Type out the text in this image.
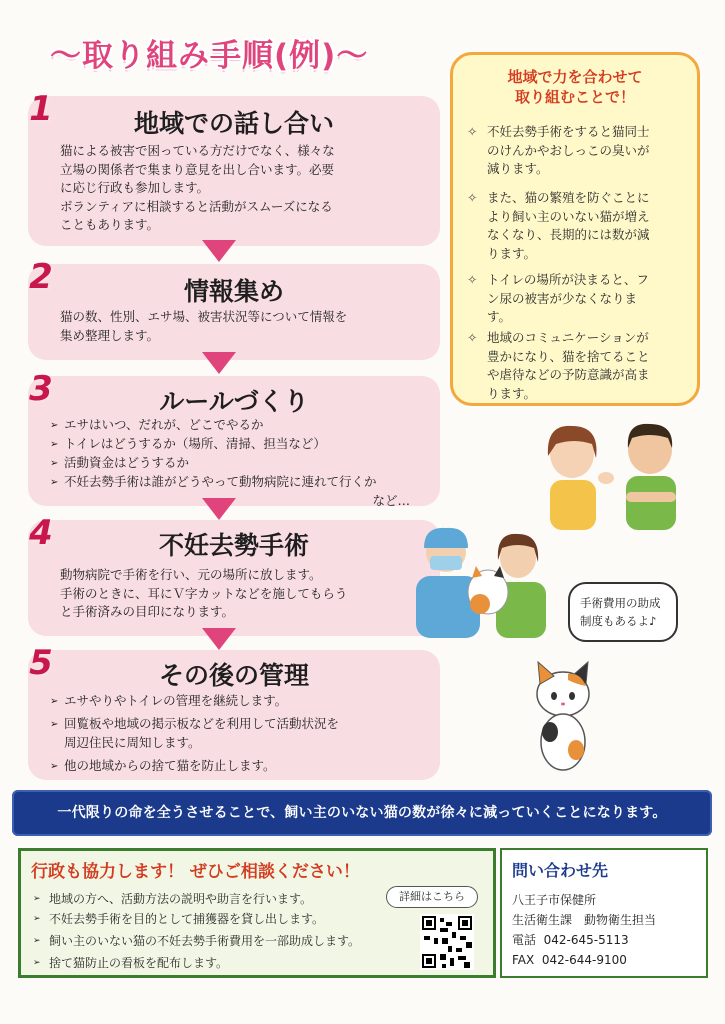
～取り組み手順(例)～
1	地域での話し合い
猫による被害で困っている方だけでなく、様々な
立場の関係者で集まり意見を出し合います。必要
に応じ行政も参加します。
ボランティアに相談すると活動がスムーズになる
こともあります。
2	情報集め
猫の数、性別、エサ場、被害状況等について情報を
集め整理します。
3	ルールづくり
➢ エサはいつ、だれが、どこでやるか
➢ トイレはどうするか（場所、清掃、担当など）
➢ 活動資金はどうするか
➢ 不妊去勢手術は誰がどうやって動物病院に連れて行くか
など…
4	不妊去勢手術
動物病院で手術を行い、元の場所に放します。
手術のときに、耳にＶ字カットなどを施してもらう
と手術済みの目印になります。
5	その後の管理
➢ エサやりやトイレの管理を継続します。
➢ 回覧板や地域の掲示板などを利用して活動状況を
周辺住民に周知します。
➢ 他の地域からの捨て猫を防止します。
地域で力を合わせて
取り組むことで！
✧ 不妊去勢手術をすると猫同士
のけんかやおしっこの臭いが
減ります。
✧ また、猫の繁殖を防ぐことに
より飼い主のいない猫が増え
なくなり、長期的には数が減
ります。
✧ トイレの場所が決まると、フ
ン尿の被害が少なくなりま
す。
✧ 地域のコミュニケーションが
豊かになり、猫を捨てること
や虐待などの予防意識が高ま
ります。
手術費用の助成
制度もあるよ♪
一代限りの命を全うさせることで、飼い主のいない猫の数が徐々に減っていくことになります。
行政も協力します！ ぜひご相談ください！
➢ 地域の方へ、活動方法の説明や助言を行います。
➢ 不妊去勢手術を目的として捕獲器を貸し出します。
➢ 飼い主のいない猫の不妊去勢手術費用を一部助成します。
➢ 捨て猫防止の看板を配布します。
詳細はこちら
問い合わせ先
八王子市保健所
生活衛生課　動物衛生担当
電話 042-645-5113
FAX 042-644-9100
